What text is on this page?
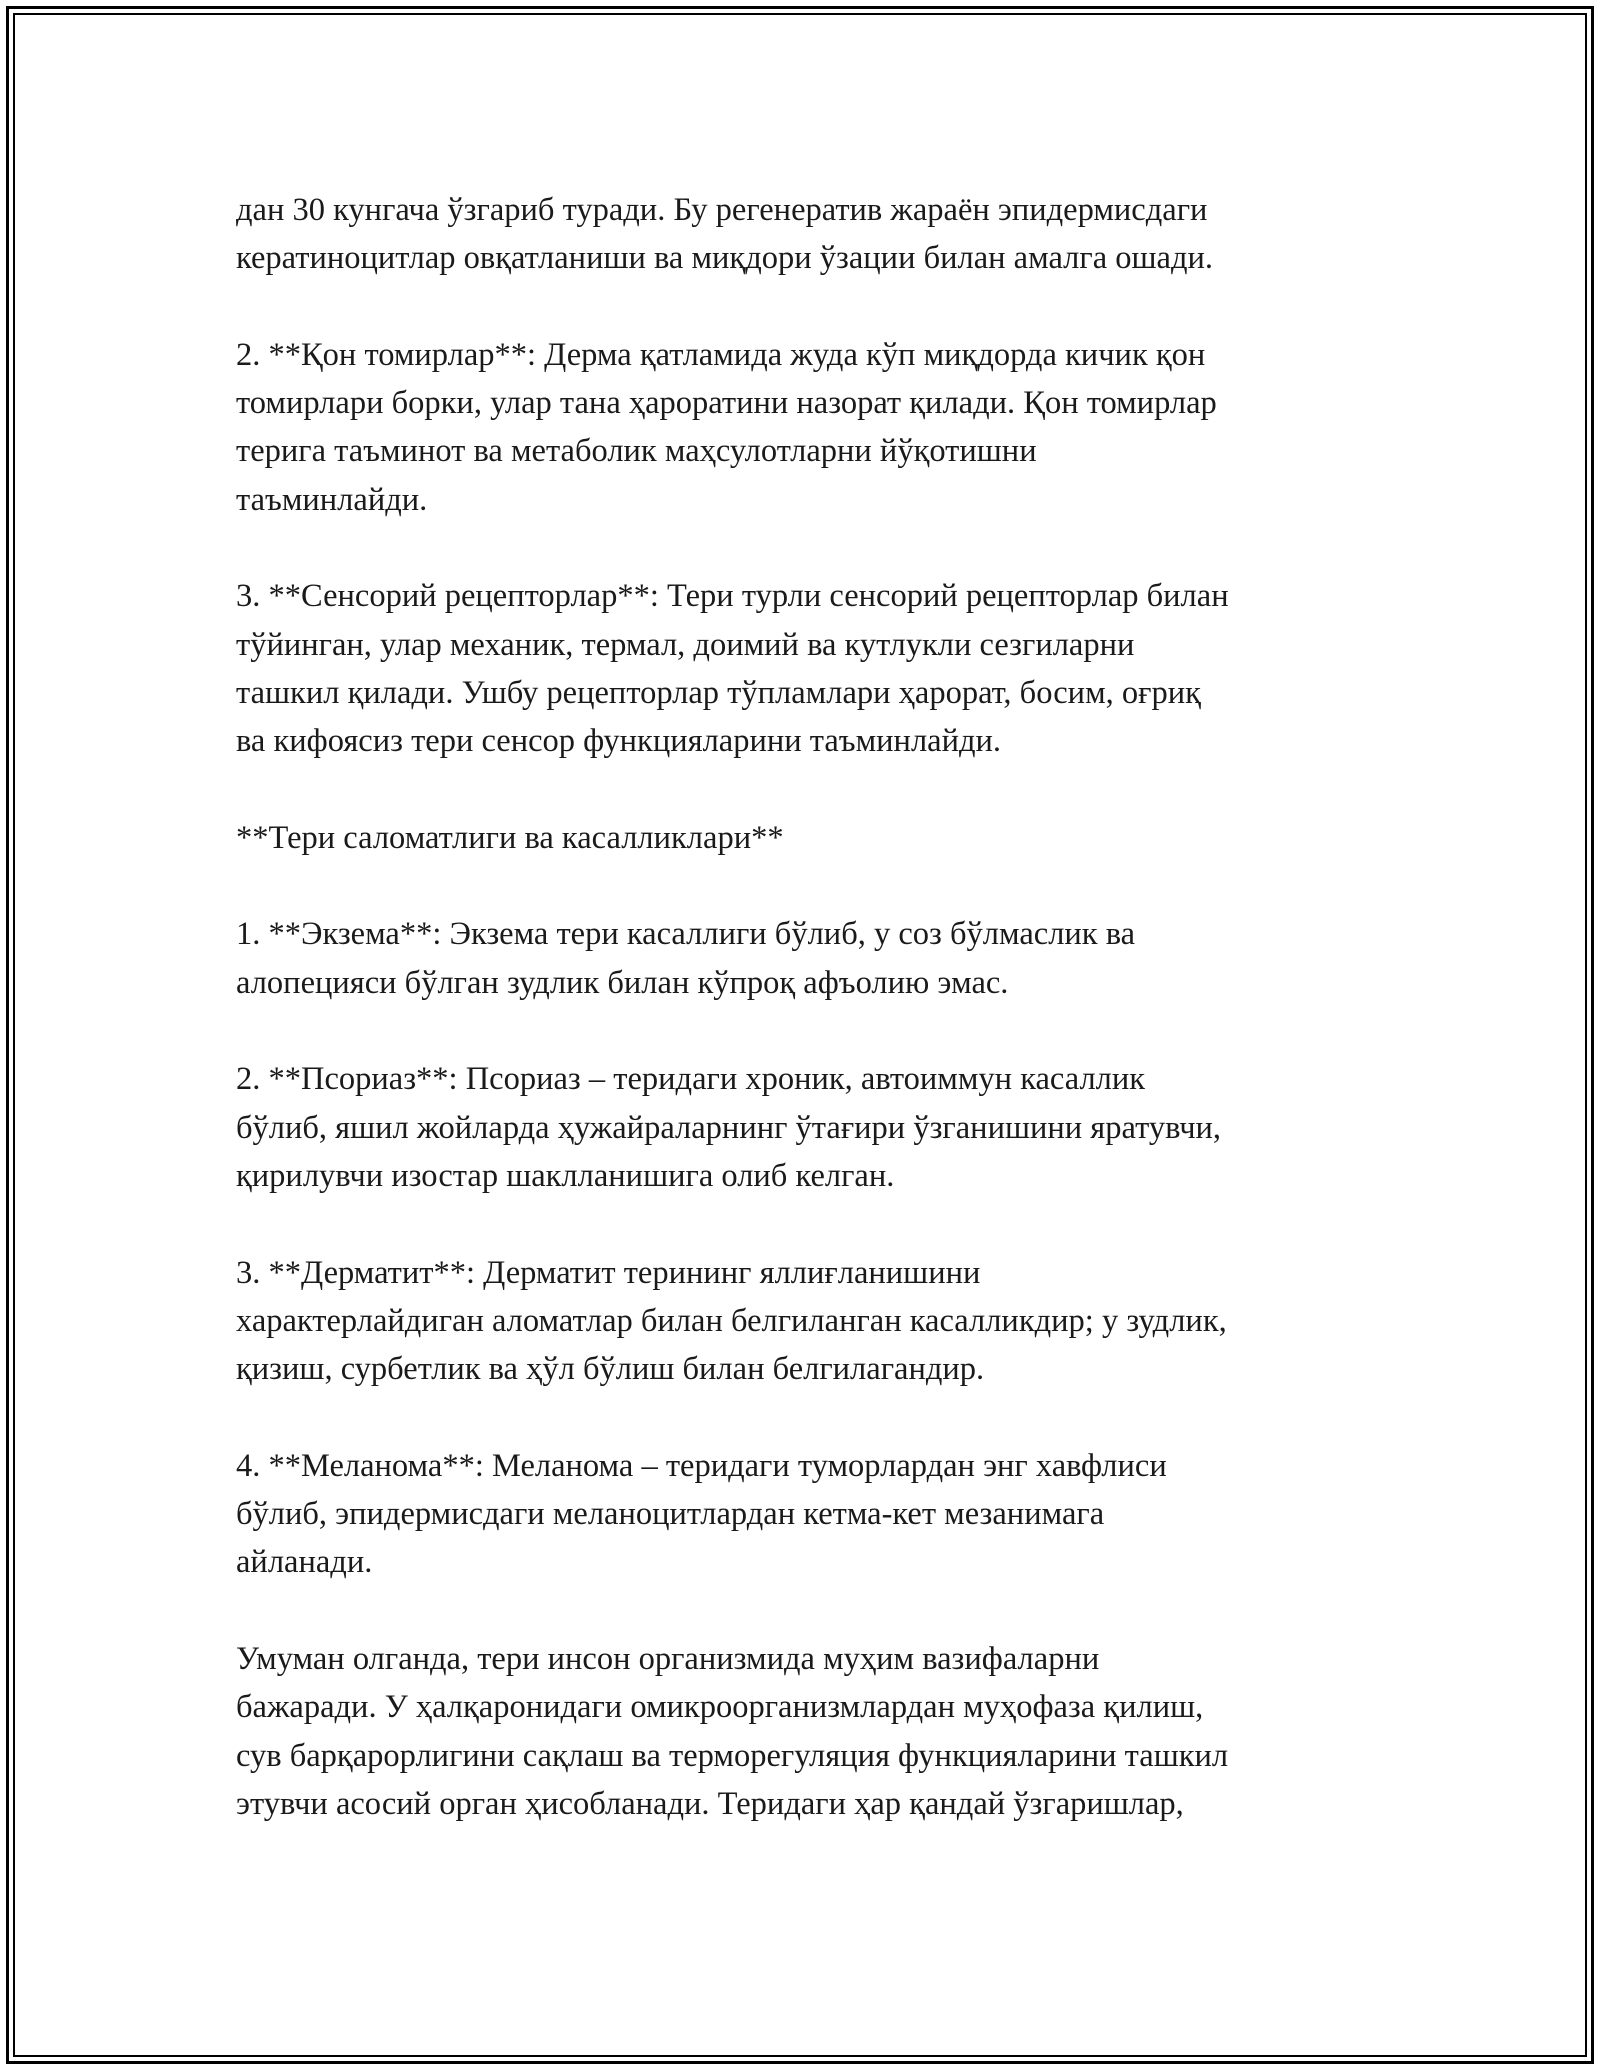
дан 30 кунгача ўзгариб туради. Бу регенератив жараён эпидермисдаги
кератиноцитлар овқатланиши ва миқдори ўзации билан амалга ошади.

2. **Қон томирлар**: Дерма қатламида жуда кўп миқдорда кичик қон
томирлари борки, улар тана ҳароратини назорат қилади. Қон томирлар
терига таъминот ва метаболик маҳсулотларни йўқотишни
таъминлайди.

3. **Сенсорий рецепторлар**: Тери турли сенсорий рецепторлар билан
тўйинган, улар механик, термал, доимий ва кутлукли сезгиларни
ташкил қилади. Ушбу рецепторлар тўпламлари ҳарорат, босим, оғриқ
ва кифоясиз тери сенсор функцияларини таъминлайди.

**Тери саломатлиги ва касалликлари**

1. **Экзема**: Экзема тери касаллиги бўлиб, у соз бўлмаслик ва
алопецияси бўлган зудлик билан кўпроқ афъолию эмас.

2. **Псориаз**: Псориаз – теридаги хроник, автоиммун касаллик
бўлиб, яшил жойларда ҳужайраларнинг ўтағири ўзганишини яратувчи,
қирилувчи изостар шаклланишига олиб келган.

3. **Дерматит**: Дерматит терининг яллиғланишини
характерлайдиган аломатлар билан белгиланган касалликдир; у зудлик,
қизиш, сурбетлик ва ҳўл бўлиш билан белгилагандир.

4. **Меланома**: Меланома – теридаги туморлардан энг хавфлиси
бўлиб, эпидермисдаги меланоцитлардан кетма-кет мезанимага
айланади.

Умуман олганда, тери инсон организмида муҳим вазифаларни
бажаради. У ҳалқаронидаги омикроорганизмлардан муҳофаза қилиш,
сув барқарорлигини сақлаш ва терморегуляция функцияларини ташкил
этувчи асосий орган ҳисобланади. Теридаги ҳар қандай ўзгаришлар,
